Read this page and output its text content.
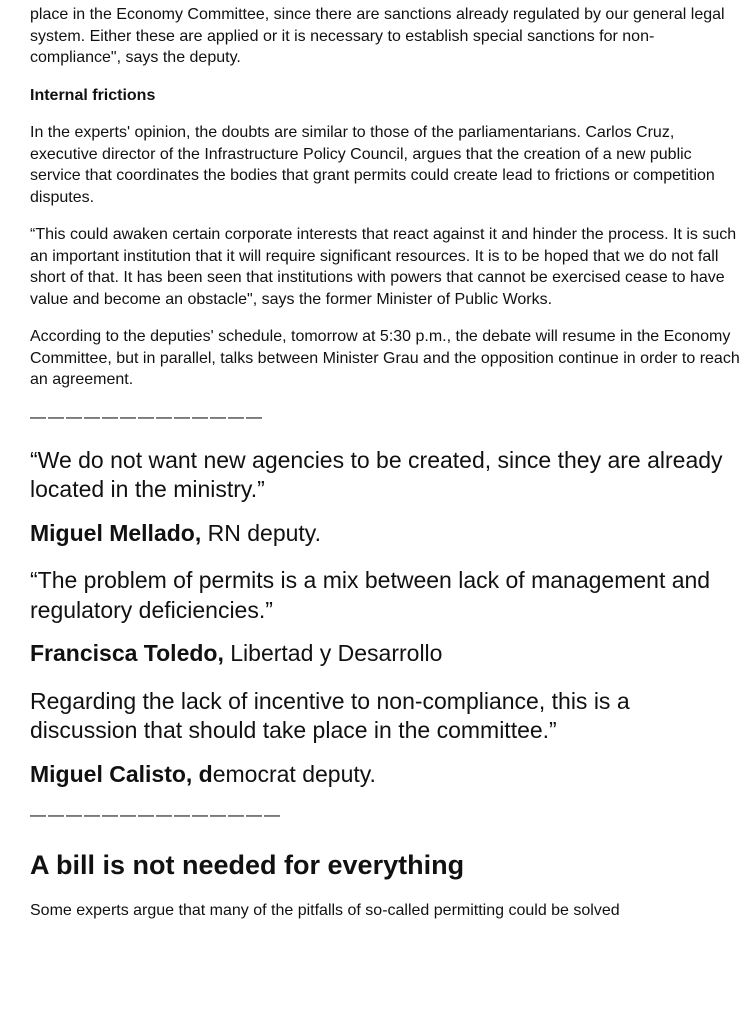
place in the Economy Committee, since there are sanctions already regulated by our general legal system. Either these are applied or it is necessary to establish special sanctions for non-compliance", says the deputy.

Internal frictions

In the experts' opinion, the doubts are similar to those of the parliamentarians. Carlos Cruz, executive director of the Infrastructure Policy Council, argues that the creation of a new public service that coordinates the bodies that grant permits could create lead to frictions or competition disputes.

“This could awaken certain corporate interests that react against it and hinder the process. It is such an important institution that it will require significant resources. It is to be hoped that we do not fall short of that. It has been seen that institutions with powers that cannot be exercised cease to have value and become an obstacle", says the former Minister of Public Works.

According to the deputies' schedule, tomorrow at 5:30 p.m., the debate will resume in the Economy Committee, but in parallel, talks between Minister Grau and the opposition continue in order to reach an agreement.

—————————————

“We do not want new agencies to be created, since they are already located in the ministry.”

Miguel Mellado, RN deputy.

“The problem of permits is a mix between lack of management and regulatory deficiencies.”

Francisca Toledo, Libertad y Desarrollo

Regarding the lack of incentive to non-compliance, this is a discussion that should take place in the committee.”

Miguel Calisto, democrat deputy.

——————————————
A bill is not needed for everything

Some experts argue that many of the pitfalls of so-called permitting could be solved
